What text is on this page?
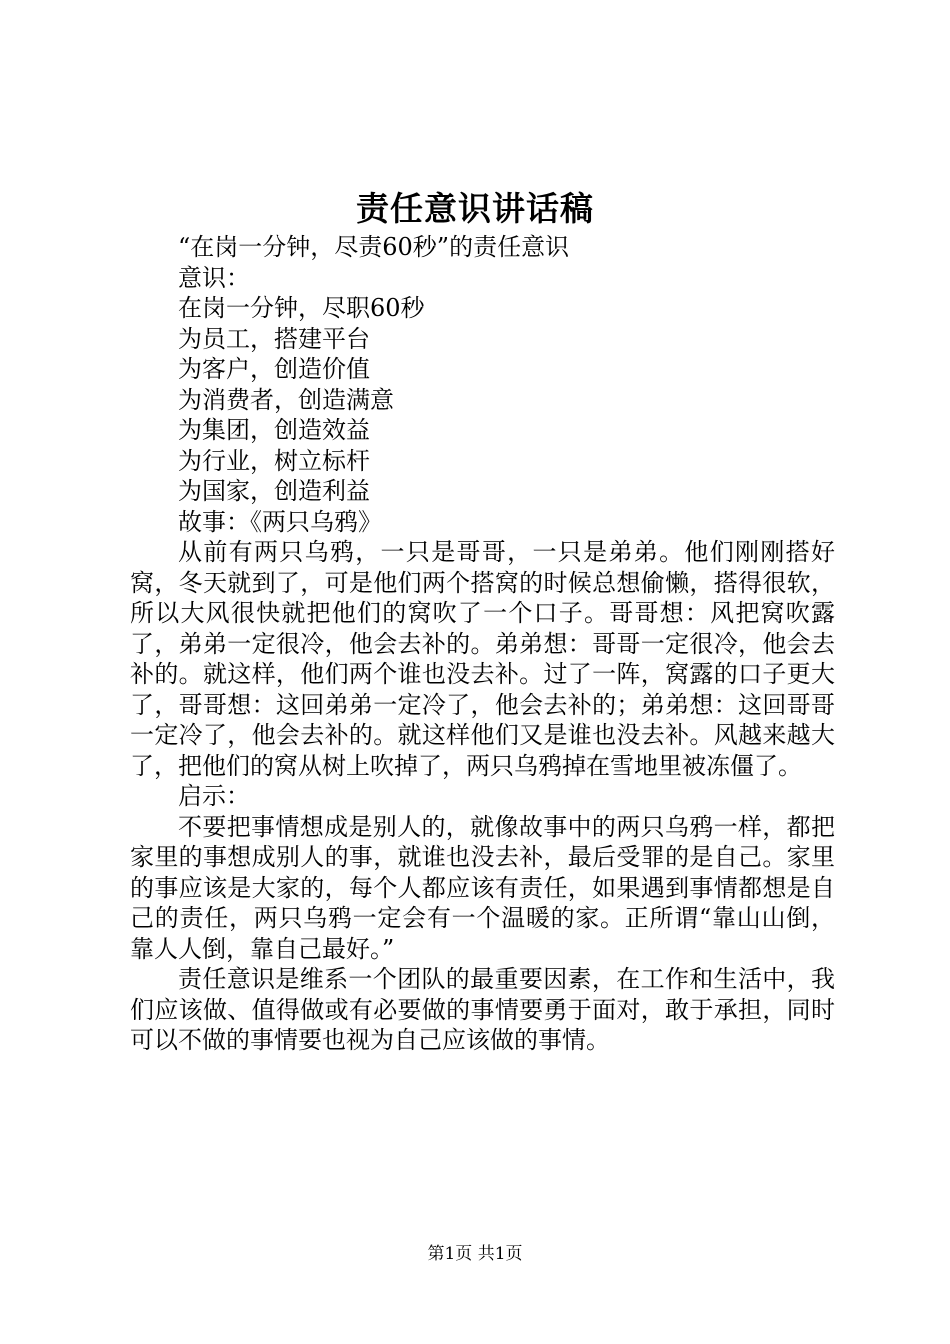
责任意识讲话稿

“在岗一分钟，尽责60秒”的责任意识

意识：

在岗一分钟，尽职60秒

为员工，搭建平台

为客户，创造价值

为消费者，创造满意

为集团，创造效益

为行业，树立标杆

为国家，创造利益

故事：《两只乌鸦》

从前有两只乌鸦，一只是哥哥，一只是弟弟。他们刚刚搭好窝，冬天就到了，可是他们两个搭窝的时候总想偷懒，搭得很软，所以大风很快就把他们的窝吹了一个口子。哥哥想：风把窝吹露了，弟弟一定很冷，他会去补的。弟弟想：哥哥一定很冷，他会去补的。就这样，他们两个谁也没去补。过了一阵，窝露的口子更大了，哥哥想：这回弟弟一定冷了，他会去补的；弟弟想：这回哥哥一定冷了，他会去补的。就这样他们又是谁也没去补。风越来越大了，把他们的窝从树上吹掉了，两只乌鸦掉在雪地里被冻僵了。

启示：

不要把事情想成是别人的，就像故事中的两只乌鸦一样，都把家里的事想成别人的事，就谁也没去补，最后受罪的是自己。家里的事应该是大家的，每个人都应该有责任，如果遇到事情都想是自己的责任，两只乌鸦一定会有一个温暖的家。正所谓“靠山山倒，靠人人倒，靠自己最好。”

责任意识是维系一个团队的最重要因素，在工作和生活中，我们应该做、值得做或有必要做的事情要勇于面对，敢于承担，同时可以不做的事情要也视为自己应该做的事情。

第1页 共1页
